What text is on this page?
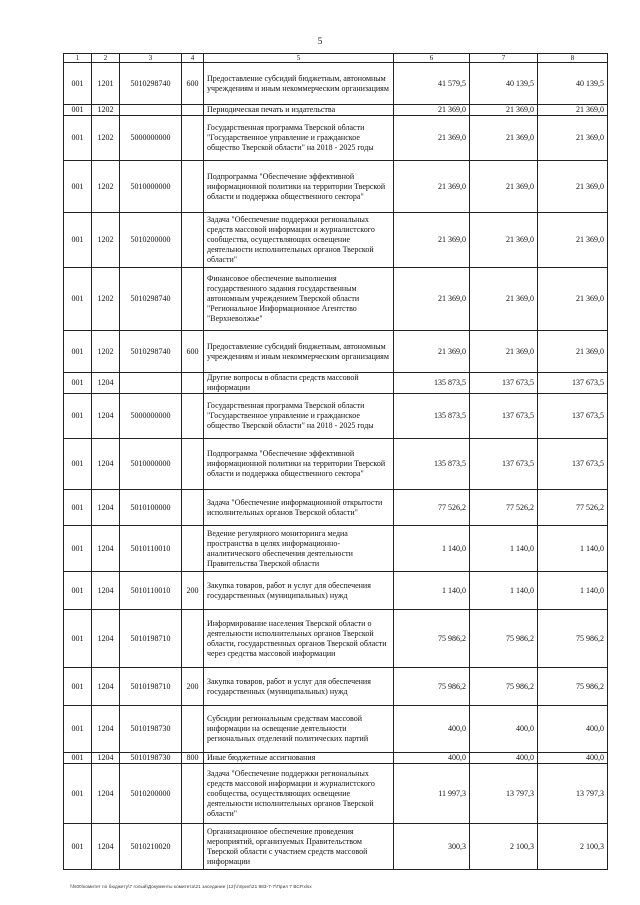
5
1	2	3	4	5	6	7	8
001	1201	5010298740	600	Предоставление субсидий бюджетным, автономным учреждениям и иным некоммерческим организациям	41 579,5	40 139,5	40 139,5
001	1202			Периодическая печать и издательства	21 369,0	21 369,0	21 369,0
001	1202	5000000000		Государственная программа Тверской области "Государственное управление и гражданское общество Тверской области" на 2018 - 2025 годы	21 369,0	21 369,0	21 369,0
001	1202	5010000000		Подпрограмма "Обеспечение эффективной информационной политики на территории Тверской области и поддержка общественного сектора"	21 369,0	21 369,0	21 369,0
001	1202	5010200000		Задача "Обеспечение поддержки региональных средств массовой информации и журналистского сообщества, осуществляющих освещение деятельности исполнительных органов Тверской области"	21 369,0	21 369,0	21 369,0
001	1202	5010298740		Финансовое обеспечение выполнения государственного задания государственным автономным учреждением Тверской области "Региональное Информационное Агентство "Верхневолжье"	21 369,0	21 369,0	21 369,0
001	1202	5010298740	600	Предоставление субсидий бюджетным, автономным учреждениям и иным некоммерческим организациям	21 369,0	21 369,0	21 369,0
001	1204			Другие вопросы в области средств массовой информации	135 873,5	137 673,5	137 673,5
001	1204	5000000000		Государственная программа Тверской области "Государственное управление и гражданское общество Тверской области" на 2018 - 2025 годы	135 873,5	137 673,5	137 673,5
001	1204	5010000000		Подпрограмма "Обеспечение эффективной информационной политики на территории Тверской области и поддержка общественного сектора"	135 873,5	137 673,5	137 673,5
001	1204	5010100000		Задача "Обеспечение информационной открытости исполнительных органов Тверской области"	77 526,2	77 526,2	77 526,2
001	1204	5010110010		Ведение регулярного мониторинга медиа пространства в целях информационно-аналитического обеспечения деятельности Правительства Тверской области	1 140,0	1 140,0	1 140,0
001	1204	5010110010	200	Закупка товаров, работ и услуг для обеспечения государственных (муниципальных) нужд	1 140,0	1 140,0	1 140,0
001	1204	5010198710		Информирование населения Тверской области о деятельности исполнительных органов Тверской области, государственных органов Тверской области через средства массовой информации	75 986,2	75 986,2	75 986,2
001	1204	5010198710	200	Закупка товаров, работ и услуг для обеспечения государственных (муниципальных) нужд	75 986,2	75 986,2	75 986,2
001	1204	5010198730		Субсидии региональным средствам массовой информации на освещение деятельности региональных отделений политических партий	400,0	400,0	400,0
001	1204	5010198730	800	Иные бюджетные ассигнования	400,0	400,0	400,0
001	1204	5010200000		Задача "Обеспечение поддержки региональных средств массовой информации и журналистского сообщества, осуществляющих освещение деятельности исполнительных органов Тверской области"	11 997,3	13 797,3	13 797,3
001	1204	5010210020		Организационное обеспечение проведения мероприятий, организуемых Правительством Тверской области с участием средств массовой информации	300,3	2 100,3	2 100,3
\\fs00\комитет по бюджету\7 голый\Документы комитета\21 заседание (12)\г\прил\21 883-7-7\Прил 7 ВСР.xlsx
